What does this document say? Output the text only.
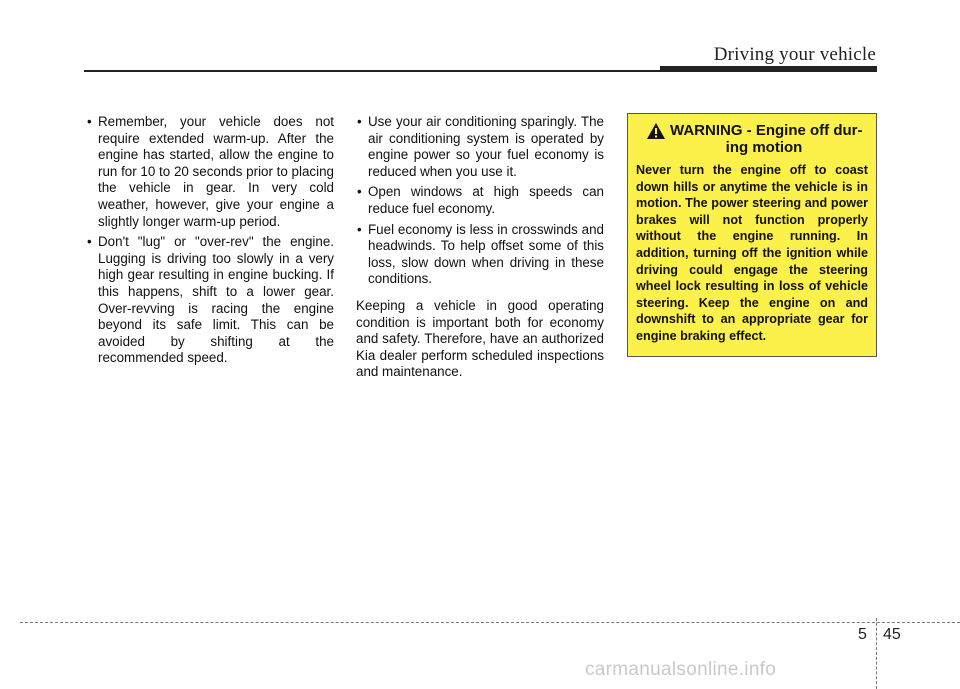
Driving your vehicle
• Remember, your vehicle does not require extended warm-up. After the engine has started, allow the engine to run for 10 to 20 seconds prior to placing the vehicle in gear. In very cold weather, however, give your engine a slightly longer warm-up period.
• Don't "lug" or "over-rev" the engine. Lugging is driving too slowly in a very high gear resulting in engine bucking. If this happens, shift to a lower gear. Over-revving is racing the engine beyond its safe limit. This can be avoided by shifting at the recommended speed.
• Use your air conditioning sparingly. The air conditioning system is operated by engine power so your fuel economy is reduced when you use it.
• Open windows at high speeds can reduce fuel economy.
• Fuel economy is less in crosswinds and headwinds. To help offset some of this loss, slow down when driving in these conditions.
Keeping a vehicle in good operating condition is important both for economy and safety. Therefore, have an authorized Kia dealer perform scheduled inspections and maintenance.
WARNING - Engine off dur-
ing motion
Never turn the engine off to coast down hills or anytime the vehicle is in motion. The power steering and power brakes will not function properly without the engine running. In addition, turning off the ignition while driving could engage the steering wheel lock resulting in loss of vehicle steering. Keep the engine on and downshift to an appropriate gear for engine braking effect.
5 45
carmanualsonline.info
